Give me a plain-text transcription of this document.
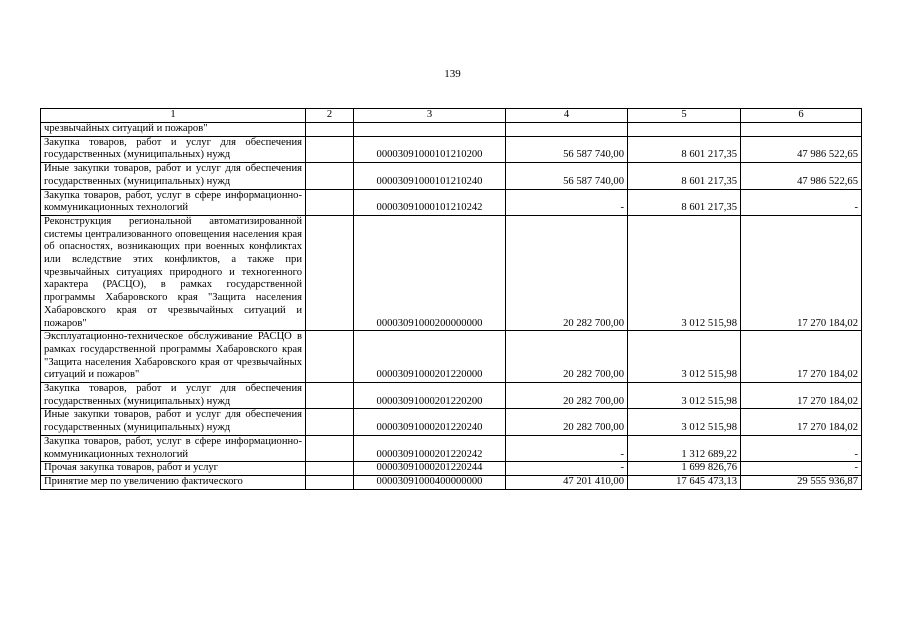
139
1	2	3	4	5	6
чрезвычайных ситуаций и пожаров"					
Закупка товаров, работ и услуг для обеспечения государственных (муниципальных) нужд		00003091000101210200	56 587 740,00	8 601 217,35	47 986 522,65
Иные закупки товаров, работ и услуг для обеспечения государственных (муниципальных) нужд		00003091000101210240	56 587 740,00	8 601 217,35	47 986 522,65
Закупка товаров, работ, услуг в сфере информационно-коммуникационных технологий		00003091000101210242	-	8 601 217,35	-
Реконструкция региональной автоматизированной системы централизованного оповещения населения края об опасностях, возникающих при военных конфликтах или вследствие этих конфликтов, а также при чрезвычайных ситуациях природного и техногенного характера (РАСЦО), в рамках государственной программы Хабаровского края "Защита населения Хабаровского края от чрезвычайных ситуаций и пожаров"		00003091000200000000	20 282 700,00	3 012 515,98	17 270 184,02
Эксплуатационно-техническое обслуживание РАСЦО в рамках государственной программы Хабаровского края "Защита населения Хабаровского края от чрезвычайных ситуаций и пожаров"		00003091000201220000	20 282 700,00	3 012 515,98	17 270 184,02
Закупка товаров, работ и услуг для обеспечения государственных (муниципальных) нужд		00003091000201220200	20 282 700,00	3 012 515,98	17 270 184,02
Иные закупки товаров, работ и услуг для обеспечения государственных (муниципальных) нужд		00003091000201220240	20 282 700,00	3 012 515,98	17 270 184,02
Закупка товаров, работ, услуг в сфере информационно-коммуникационных технологий		00003091000201220242	-	1 312 689,22	-
Прочая закупка товаров, работ и услуг		00003091000201220244	-	1 699 826,76	-
Принятие мер по увеличению фактического		00003091000400000000	47 201 410,00	17 645 473,13	29 555 936,87
